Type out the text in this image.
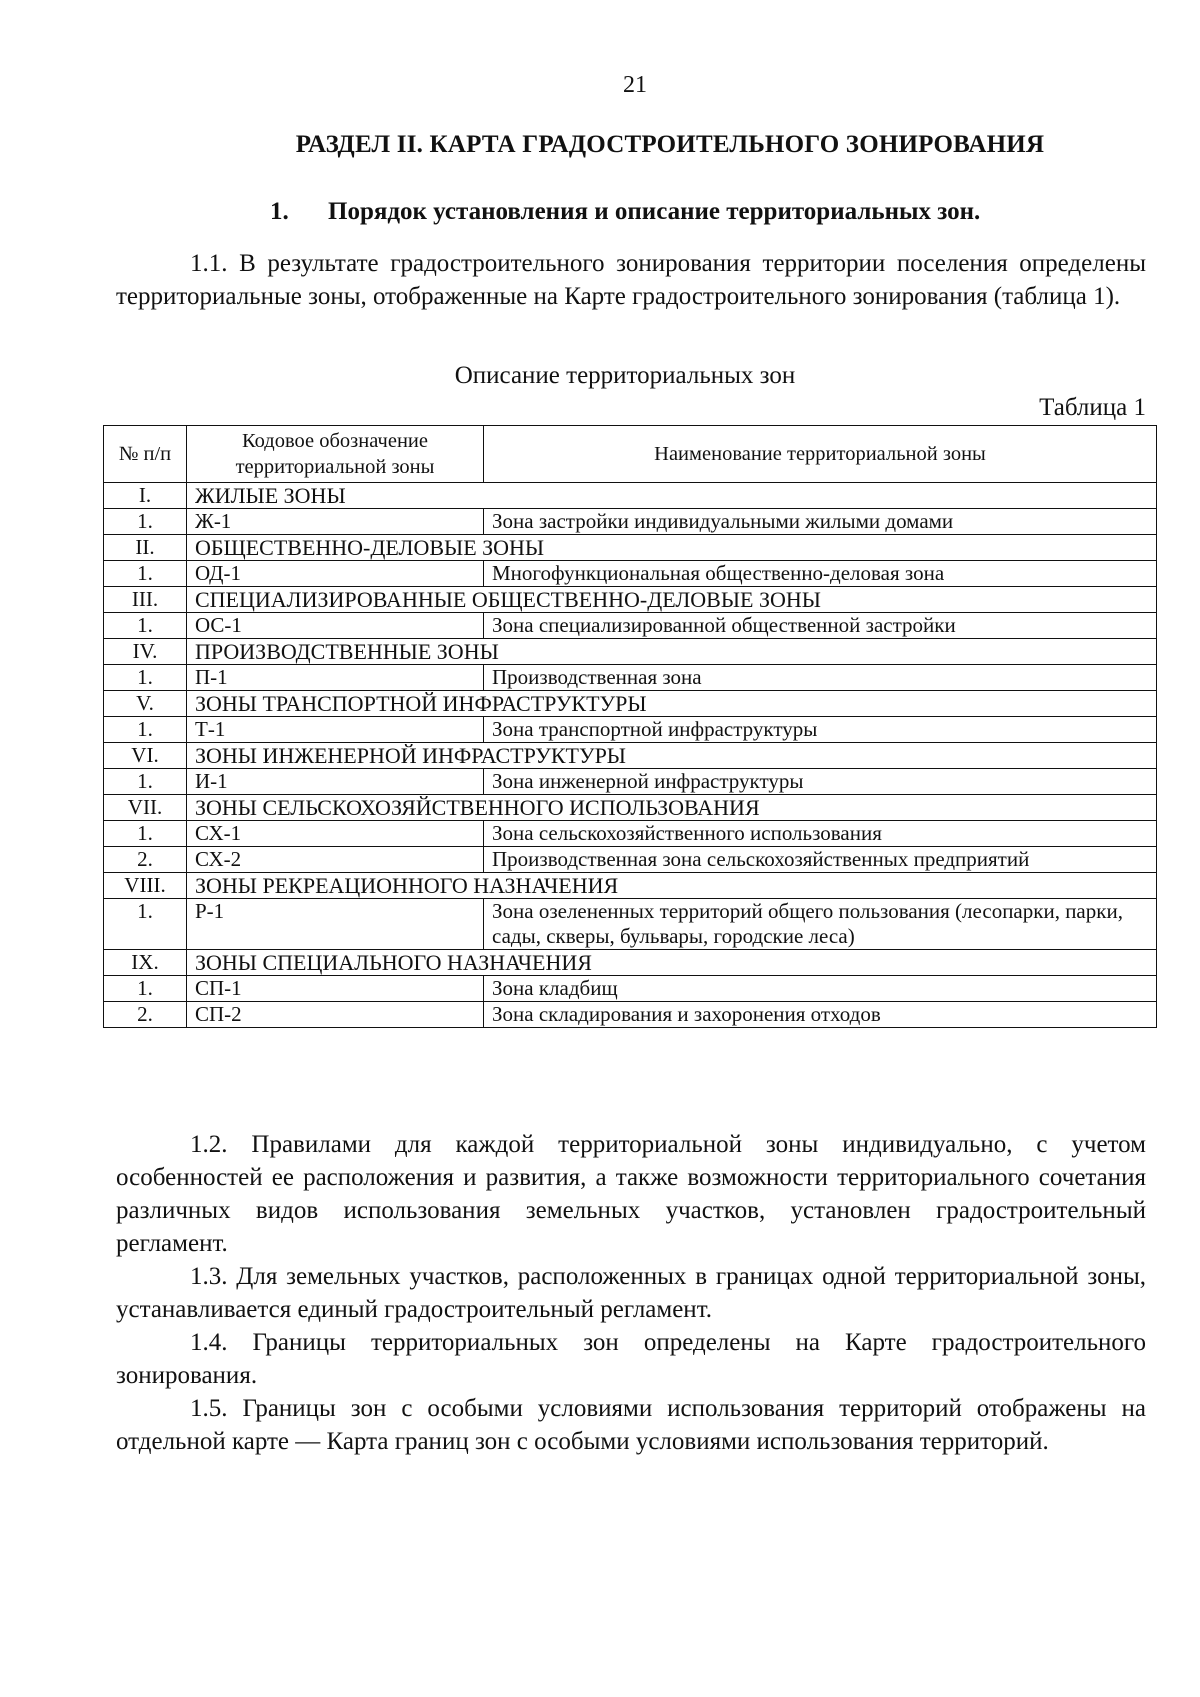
21
РАЗДЕЛ II. КАРТА ГРАДОСТРОИТЕЛЬНОГО ЗОНИРОВАНИЯ
1. Порядок установления и описание территориальных зон.
1.1. В результате градостроительного зонирования территории поселения определены территориальные зоны, отображенные на Карте градостроительного зонирования (таблица 1).
Описание территориальных зон
Таблица 1
№ п/п	Кодовое обозначение территориальной зоны	Наименование территориальной зоны
I.	ЖИЛЫЕ ЗОНЫ	
1.	Ж-1	Зона застройки индивидуальными жилыми домами
II.	ОБЩЕСТВЕННО-ДЕЛОВЫЕ ЗОНЫ	
1.	ОД-1	Многофункциональная общественно-деловая зона
III.	СПЕЦИАЛИЗИРОВАННЫЕ ОБЩЕСТВЕННО-ДЕЛОВЫЕ ЗОНЫ	
1.	ОС-1	Зона специализированной общественной застройки
IV.	ПРОИЗВОДСТВЕННЫЕ ЗОНЫ	
1.	П-1	Производственная зона
V.	ЗОНЫ ТРАНСПОРТНОЙ ИНФРАСТРУКТУРЫ	
1.	Т-1	Зона транспортной инфраструктуры
VI.	ЗОНЫ ИНЖЕНЕРНОЙ ИНФРАСТРУКТУРЫ	
1.	И-1	Зона инженерной инфраструктуры
VII.	ЗОНЫ СЕЛЬСКОХОЗЯЙСТВЕННОГО ИСПОЛЬЗОВАНИЯ	
1.	СХ-1	Зона сельскохозяйственного использования
2.	СХ-2	Производственная зона сельскохозяйственных предприятий
VIII.	ЗОНЫ РЕКРЕАЦИОННОГО НАЗНАЧЕНИЯ	
1.	Р-1	Зона озелененных территорий общего пользования (лесопарки, парки, сады, скверы, бульвары, городские леса)
IX.	ЗОНЫ СПЕЦИАЛЬНОГО НАЗНАЧЕНИЯ	
1.	СП-1	Зона кладбищ
2.	СП-2	Зона складирования и захоронения отходов
1.2. Правилами для каждой территориальной зоны индивидуально, с учетом особенностей ее расположения и развития, а также возможности территориального сочетания различных видов использования земельных участков, установлен градостроительный регламент.
1.3. Для земельных участков, расположенных в границах одной территориальной зоны, устанавливается единый градостроительный регламент.
1.4. Границы территориальных зон определены на Карте градостроительного зонирования.
1.5. Границы зон с особыми условиями использования территорий отображены на отдельной карте — Карта границ зон с особыми условиями использования территорий.
